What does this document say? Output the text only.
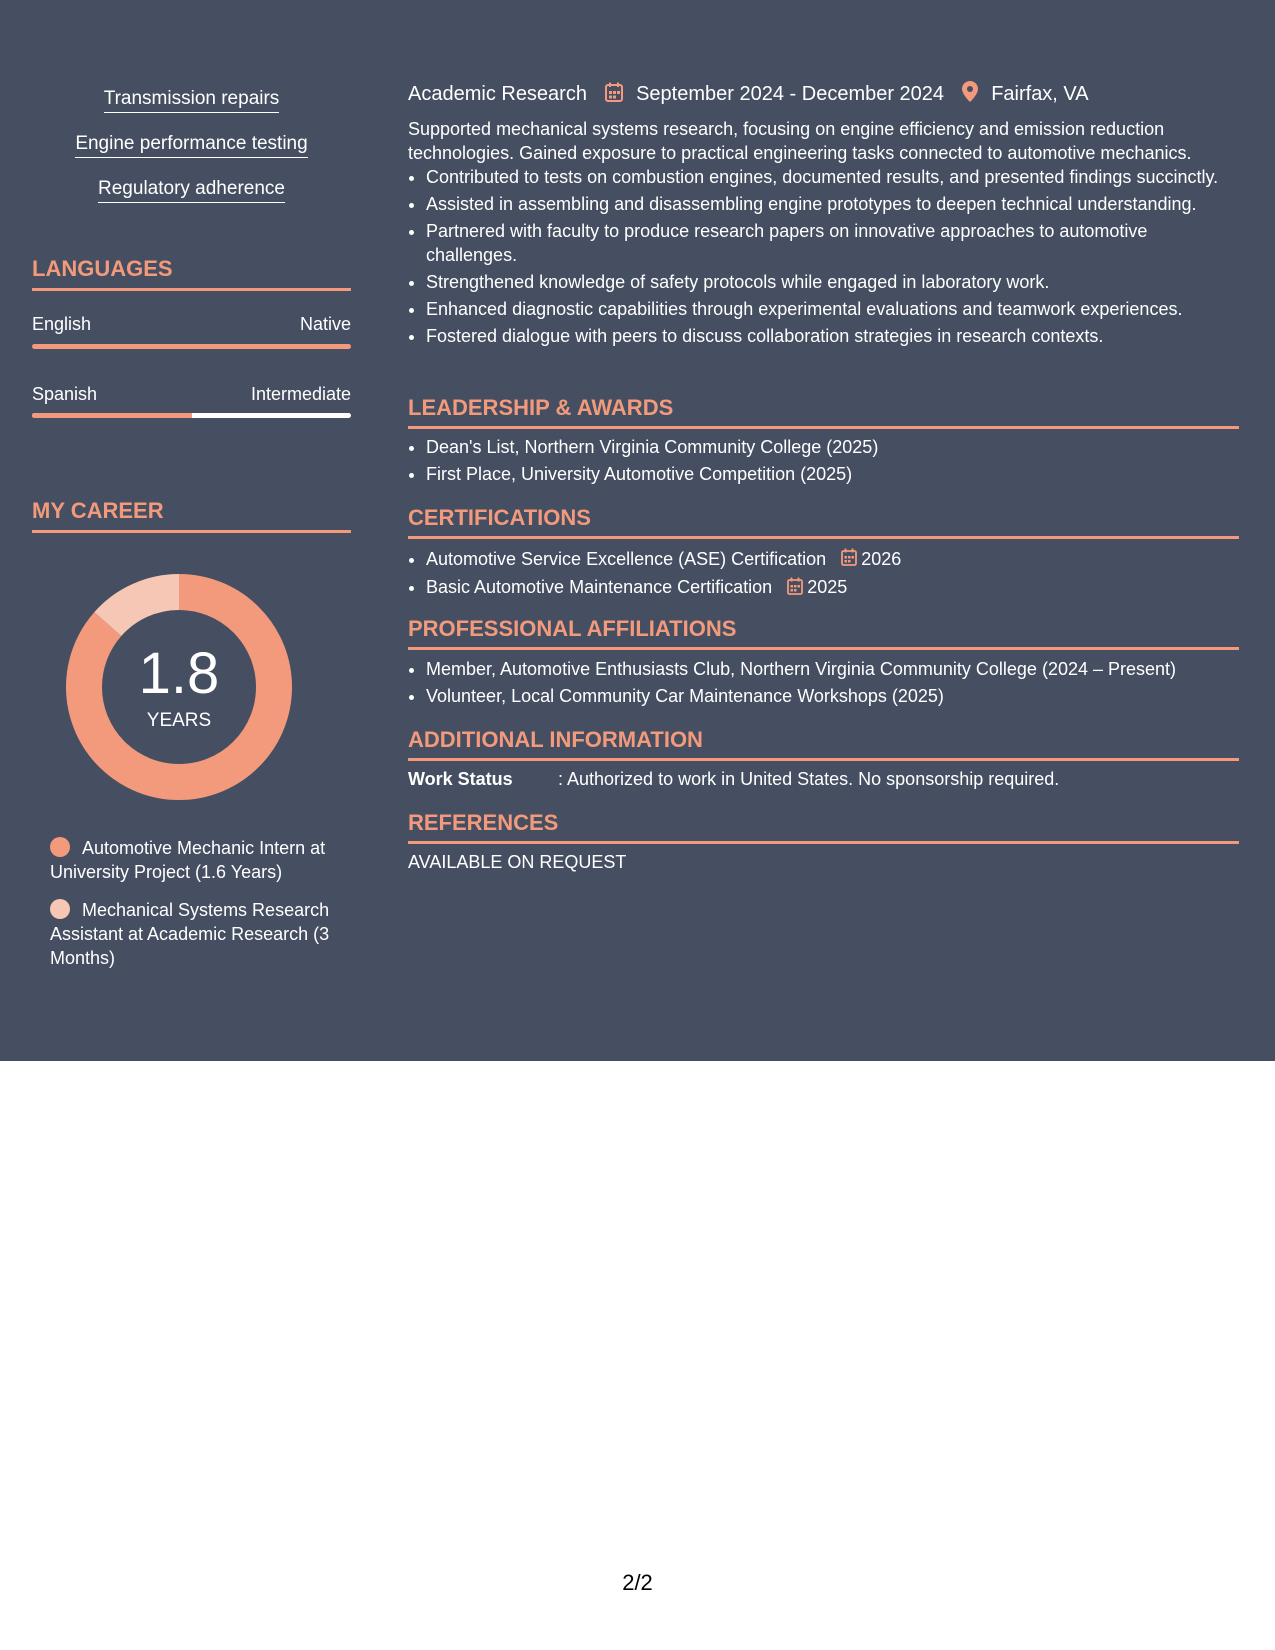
Transmission repairs
Engine performance testing
Regulatory adherence
LANGUAGES
English	Native
Spanish	Intermediate
MY CAREER
1.8
YEARS
Automotive Mechanic Intern at University Project (1.6 Years)
Mechanical Systems Research Assistant at Academic Research (3 Months)
Academic Research September 2024 - December 2024 Fairfax, VA
Supported mechanical systems research, focusing on engine efficiency and emission reduction technologies. Gained exposure to practical engineering tasks connected to automotive mechanics.
• Contributed to tests on combustion engines, documented results, and presented findings succinctly.
• Assisted in assembling and disassembling engine prototypes to deepen technical understanding.
• Partnered with faculty to produce research papers on innovative approaches to automotive challenges.
• Strengthened knowledge of safety protocols while engaged in laboratory work.
• Enhanced diagnostic capabilities through experimental evaluations and teamwork experiences.
• Fostered dialogue with peers to discuss collaboration strategies in research contexts.
LEADERSHIP & AWARDS
• Dean's List, Northern Virginia Community College (2025)
• First Place, University Automotive Competition (2025)
CERTIFICATIONS
• Automotive Service Excellence (ASE) Certification 2026
• Basic Automotive Maintenance Certification 2025
PROFESSIONAL AFFILIATIONS
• Member, Automotive Enthusiasts Club, Northern Virginia Community College (2024 – Present)
• Volunteer, Local Community Car Maintenance Workshops (2025)
ADDITIONAL INFORMATION
Work Status	: Authorized to work in United States. No sponsorship required.
REFERENCES
AVAILABLE ON REQUEST
2/2
